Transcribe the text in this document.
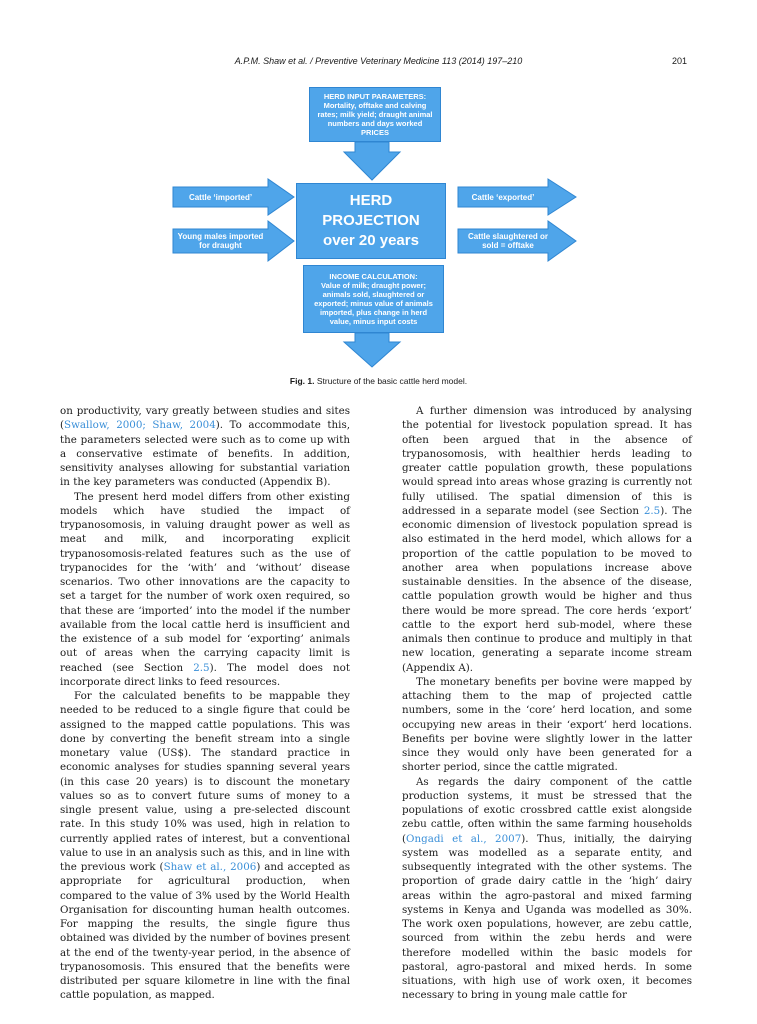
A.P.M. Shaw et al. / Preventive Veterinary Medicine 113 (2014) 197–210	201
HERD INPUT PARAMETERS:
Mortality, offtake and calving
rates; milk yield; draught animal
numbers and days worked
PRICES
HERD
PROJECTION
over 20 years
Cattle ‘imported’
Young males imported
for draught
Cattle ‘exported’
Cattle slaughtered or
sold = offtake
INCOME CALCULATION:
Value of milk; draught power;
animals sold, slaughtered or
exported; minus value of animals
imported, plus change in herd
value, minus input costs
Fig. 1. Structure of the basic cattle herd model.

on productivity, vary greatly between studies and sites (Swallow, 2000; Shaw, 2004). To accommodate this, the parameters selected were such as to come up with a conservative estimate of benefits. In addition, sensitivity analyses allowing for substantial variation in the key parameters was conducted (Appendix B).

The present herd model differs from other existing models which have studied the impact of trypanosomosis, in valuing draught power as well as meat and milk, and incorporating explicit trypanosomosis-related features such as the use of trypanocides for the ‘with’ and ‘without’ disease scenarios. Two other innovations are the capacity to set a target for the number of work oxen required, so that these are ‘imported’ into the model if the number available from the local cattle herd is insufficient and the existence of a sub model for ‘exporting’ animals out of areas when the carrying capacity limit is reached (see Section 2.5). The model does not incorporate direct links to feed resources.

For the calculated benefits to be mappable they needed to be reduced to a single figure that could be assigned to the mapped cattle populations. This was done by converting the benefit stream into a single monetary value (US$). The standard practice in economic analyses for studies spanning several years (in this case 20 years) is to discount the monetary values so as to convert future sums of money to a single present value, using a pre-selected discount rate. In this study 10% was used, high in relation to currently applied rates of interest, but a conventional value to use in an analysis such as this, and in line with the previous work (Shaw et al., 2006) and accepted as appropriate for agricultural production, when compared to the value of 3% used by the World Health Organisation for discounting human health outcomes. For mapping the results, the single figure thus obtained was divided by the number of bovines present at the end of the twenty-year period, in the absence of trypanosomosis. This ensured that the benefits were distributed per square kilometre in line with the final cattle population, as mapped.

A further dimension was introduced by analysing the potential for livestock population spread. It has often been argued that in the absence of trypanosomosis, with healthier herds leading to greater cattle population growth, these populations would spread into areas whose grazing is currently not fully utilised. The spatial dimension of this is addressed in a separate model (see Section 2.5). The economic dimension of livestock population spread is also estimated in the herd model, which allows for a proportion of the cattle population to be moved to another area when populations increase above sustainable densities. In the absence of the disease, cattle population growth would be higher and thus there would be more spread. The core herds ‘export’ cattle to the export herd sub-model, where these animals then continue to produce and multiply in that new location, generating a separate income stream (Appendix A).

The monetary benefits per bovine were mapped by attaching them to the map of projected cattle numbers, some in the ‘core’ herd location, and some occupying new areas in their ‘export’ herd locations. Benefits per bovine were slightly lower in the latter since they would only have been generated for a shorter period, since the cattle migrated.

As regards the dairy component of the cattle production systems, it must be stressed that the populations of exotic crossbred cattle exist alongside zebu cattle, often within the same farming households (Ongadi et al., 2007). Thus, initially, the dairying system was modelled as a separate entity, and subsequently integrated with the other systems. The proportion of grade dairy cattle in the ‘high’ dairy areas within the agro-pastoral and mixed farming systems in Kenya and Uganda was modelled as 30%. The work oxen populations, however, are zebu cattle, sourced from within the zebu herds and were therefore modelled within the basic models for pastoral, agro-pastoral and mixed herds. In some situations, with high use of work oxen, it becomes necessary to bring in young male cattle for
